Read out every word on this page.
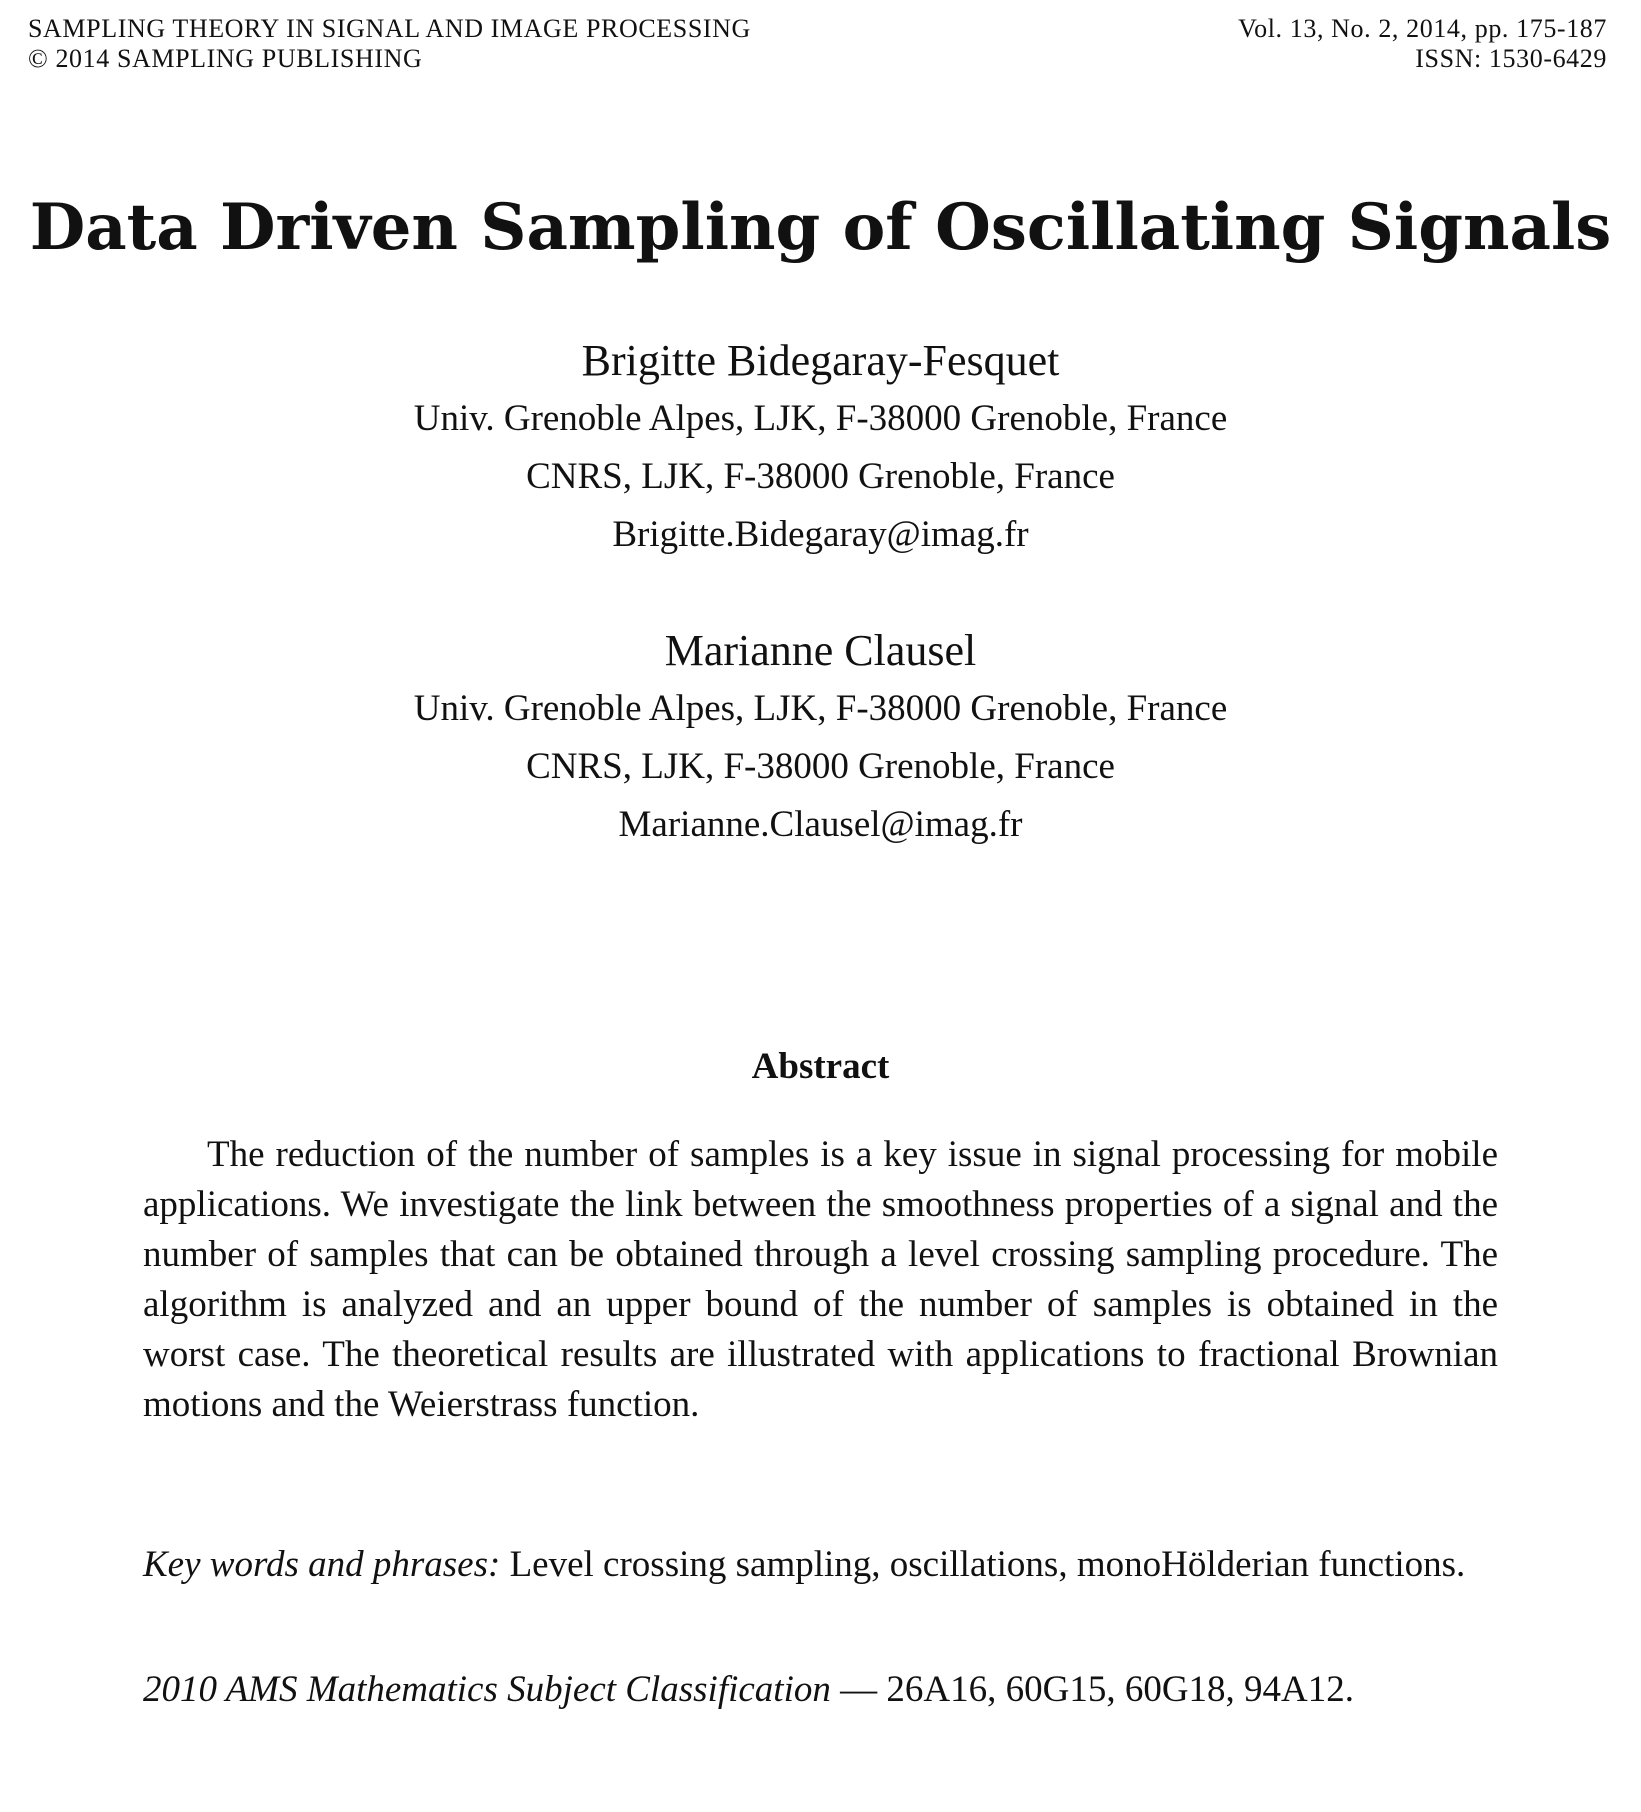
SAMPLING THEORY IN SIGNAL AND IMAGE PROCESSING	Vol. 13, No. 2, 2014, pp. 175-187
© 2014 SAMPLING PUBLISHING	ISSN: 1530-6429
Data Driven Sampling of Oscillating Signals
Brigitte Bidegaray-Fesquet
Univ. Grenoble Alpes, LJK, F-38000 Grenoble, France
CNRS, LJK, F-38000 Grenoble, France
Brigitte.Bidegaray@imag.fr
Marianne Clausel
Univ. Grenoble Alpes, LJK, F-38000 Grenoble, France
CNRS, LJK, F-38000 Grenoble, France
Marianne.Clausel@imag.fr
Abstract

The reduction of the number of samples is a key issue in signal processing for mobile applications. We investigate the link between the smoothness properties of a signal and the number of samples that can be obtained through a level crossing sampling procedure. The algorithm is analyzed and an upper bound of the number of samples is obtained in the worst case. The theoretical results are illustrated with applications to fractional Brownian motions and the Weierstrass function.

Key words and phrases: Level crossing sampling, oscillations, monoHölderian functions.

2010 AMS Mathematics Subject Classification — 26A16, 60G15, 60G18, 94A12.
